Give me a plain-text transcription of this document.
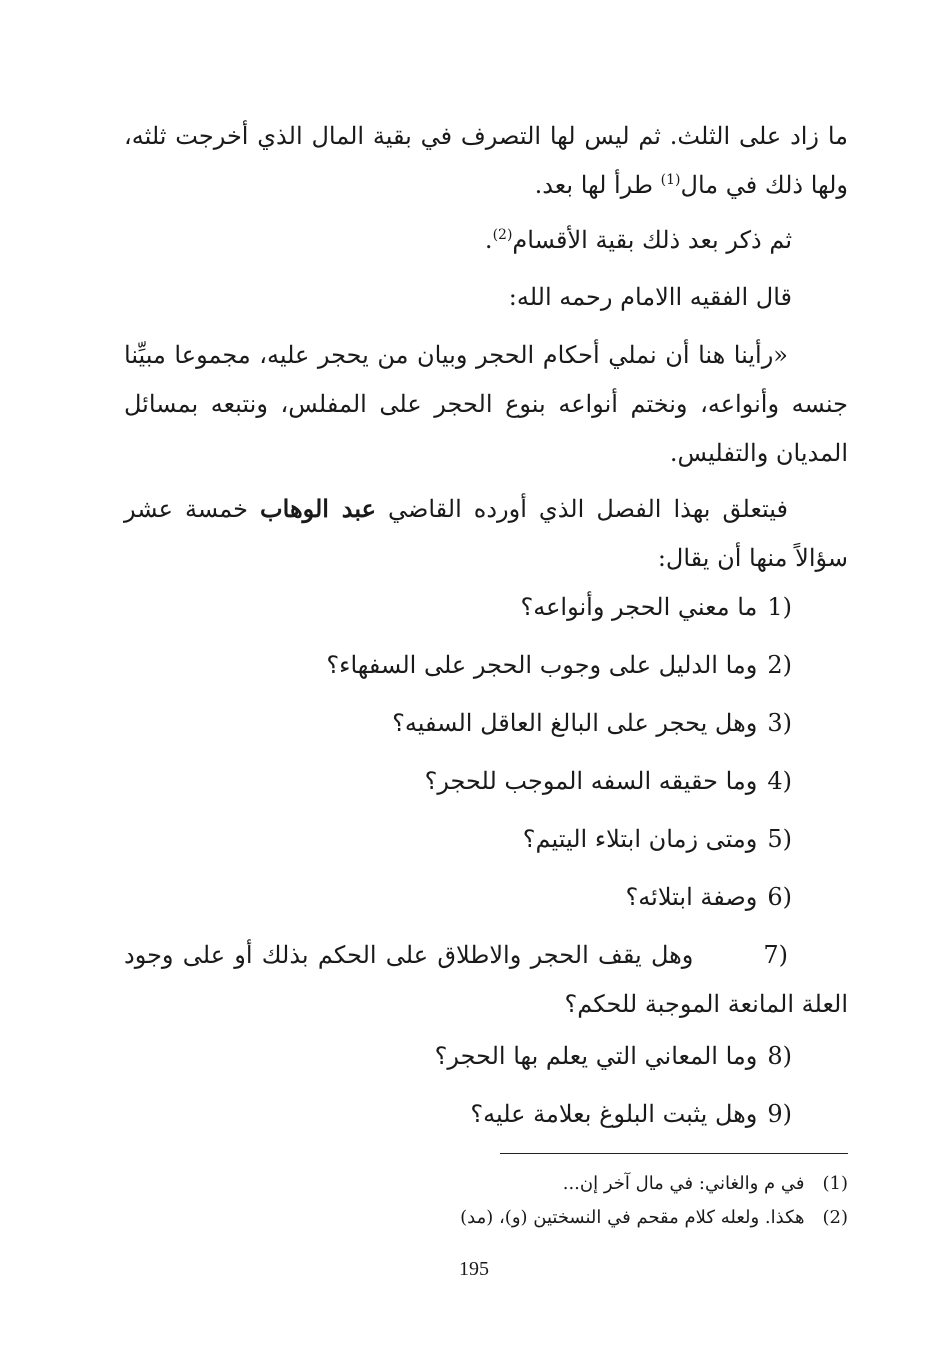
ما زاد على الثلث. ثم ليس لها التصرف في بقية المال الذي أخرجت ثلثه، ولها ذلك في مال$^{(1)}$ طرأ لها بعد.
ثم ذكر بعد ذلك بقية الأقسام$^{(2)}$.
قال الفقيه االامام رحمه الله:
«رأينا هنا أن نملي أحكام الحجر وبيان من يحجر عليه، مجموعا مبيِّنا جنسه وأنواعه، ونختم أنواعه بنوع الحجر على المفلس، ونتبعه بمسائل المديان والتفليس.
فيتعلق بهذا الفصل الذي أورده القاضي عبد الوهاب خمسة عشر سؤالاً منها أن يقال:
1)ما معني الحجر وأنواعه؟
2)وما الدليل على وجوب الحجر على السفهاء؟
3)وهل يحجر على البالغ العاقل السفيه؟
4)وما حقيقه السفه الموجب للحجر؟
5)ومتى زمان ابتلاء اليتيم؟
6)وصفة ابتلائه؟
7)وهل يقف الحجر والاطلاق على الحكم بذلك أو على وجود العلة المانعة الموجبة للحكم؟
8)وما المعاني التي يعلم بها الحجر؟
9)وهل يثبت البلوغ بعلامة عليه؟
(1)في م والغاني: في مال آخر إن...
(2)هكذا. ولعله كلام مقحم في النسختين (و)، (مد)
195
